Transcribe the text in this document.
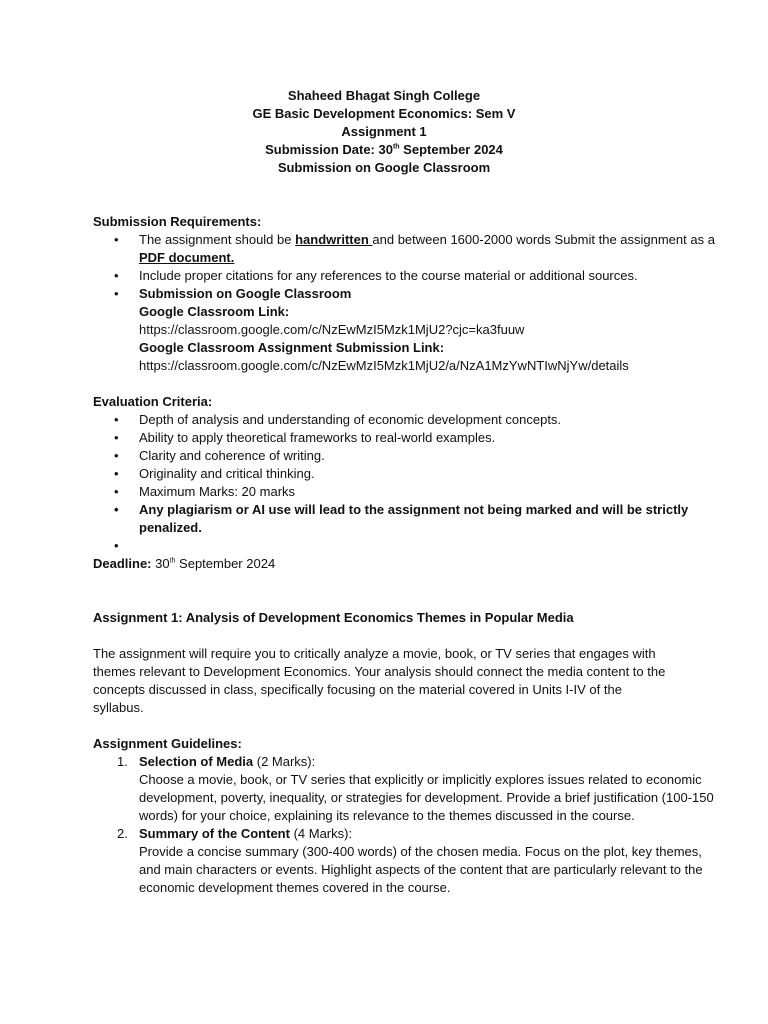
Shaheed Bhagat Singh College
GE Basic Development Economics: Sem V
Assignment 1
Submission Date: 30th September 2024
Submission on Google Classroom
Submission Requirements:
• The assignment should be handwritten and between 1600-2000 words Submit the assignment as a PDF document.
• Include proper citations for any references to the course material or additional sources.
• Submission on Google Classroom
Google Classroom Link:
https://classroom.google.com/c/NzEwMzI5Mzk1MjU2?cjc=ka3fuuw
Google Classroom Assignment Submission Link:
https://classroom.google.com/c/NzEwMzI5Mzk1MjU2/a/NzA1MzYwNTIwNjYw/details
Evaluation Criteria:
• Depth of analysis and understanding of economic development concepts.
• Ability to apply theoretical frameworks to real-world examples.
• Clarity and coherence of writing.
• Originality and critical thinking.
• Maximum Marks: 20 marks
• Any plagiarism or AI use will lead to the assignment not being marked and will be strictly penalized.
•
Deadline: 30th September 2024
Assignment 1: Analysis of Development Economics Themes in Popular Media
The assignment will require you to critically analyze a movie, book, or TV series that engages with themes relevant to Development Economics. Your analysis should connect the media content to the concepts discussed in class, specifically focusing on the material covered in Units I-IV of the syllabus.
Assignment Guidelines:
1. Selection of Media (2 Marks):
Choose a movie, book, or TV series that explicitly or implicitly explores issues related to economic development, poverty, inequality, or strategies for development. Provide a brief justification (100-150 words) for your choice, explaining its relevance to the themes discussed in the course.
2. Summary of the Content (4 Marks):
Provide a concise summary (300-400 words) of the chosen media. Focus on the plot, key themes, and main characters or events. Highlight aspects of the content that are particularly relevant to the economic development themes covered in the course.
